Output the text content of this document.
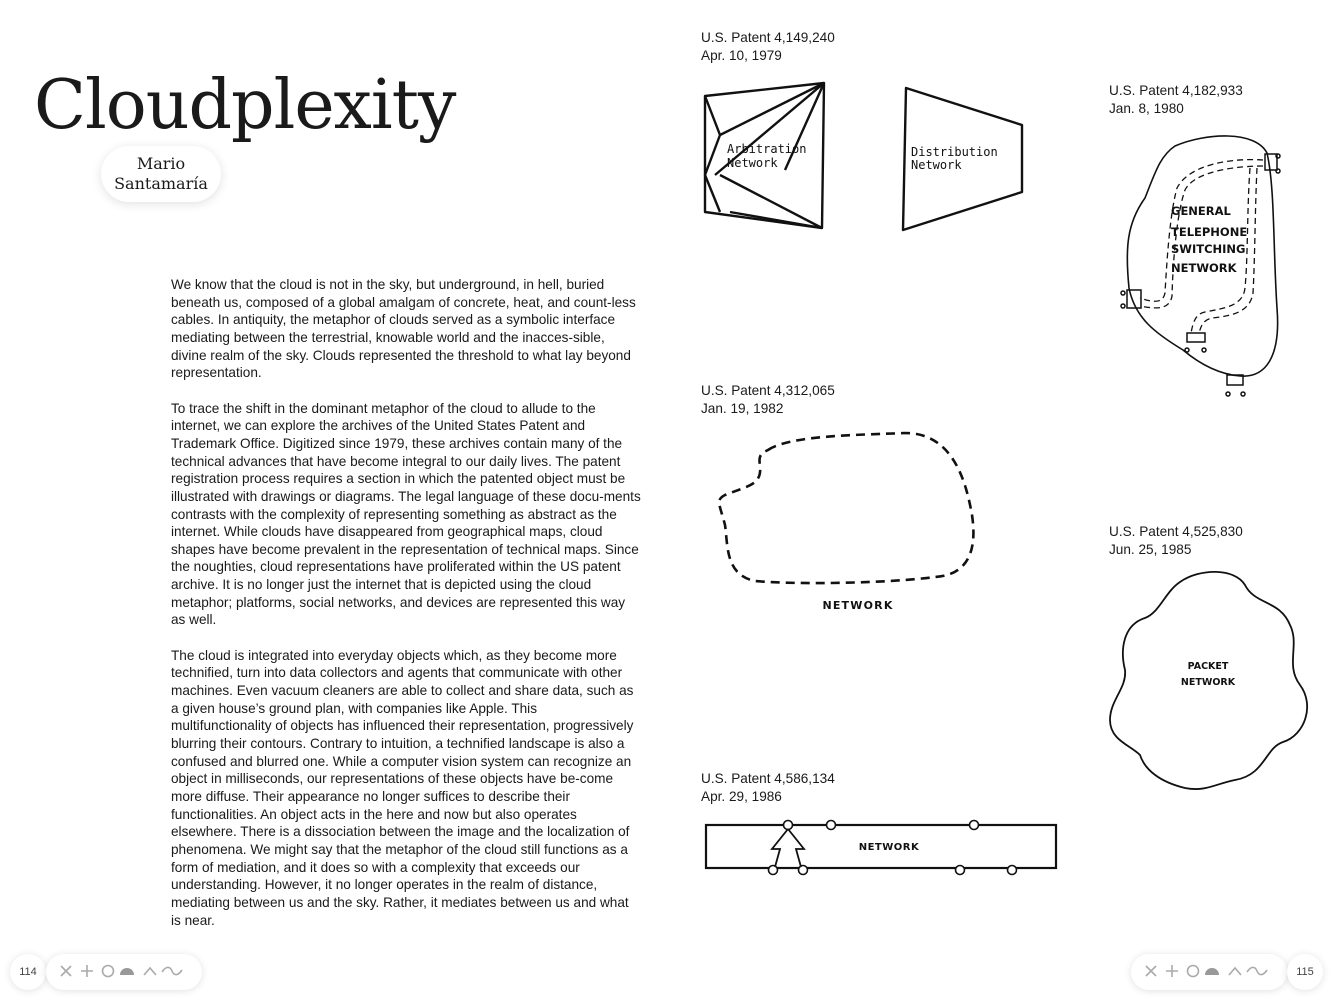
Cloudplexity
Mario
Santamaría

We know that the cloud is not in the sky, but underground, in hell, buried beneath us, composed of a global amalgam of concrete, heat, and count-less cables. In antiquity, the metaphor of clouds served as a symbolic interface mediating between the terrestrial, knowable world and the inacces-sible, divine realm of the sky. Clouds represented the threshold to what lay beyond representation.

To trace the shift in the dominant metaphor of the cloud to allude to the internet, we can explore the archives of the United States Patent and Trademark Office. Digitized since 1979, these archives contain many of the technical advances that have become integral to our daily lives. The patent registration process requires a section in which the patented object must be illustrated with drawings or diagrams. The legal language of these docu-ments contrasts with the complexity of representing something as abstract as the internet. While clouds have disappeared from geographical maps, cloud shapes have become prevalent in the representation of technical maps. Since the noughties, cloud representations have proliferated within the US patent archive. It is no longer just the internet that is depicted using the cloud metaphor; platforms, social networks, and devices are represented this way as well.

The cloud is integrated into everyday objects which, as they become more technified, turn into data collectors and agents that communicate with other machines. Even vacuum cleaners are able to collect and share data, such as a given house’s ground plan, with companies like Apple. This multifunctionality of objects has influenced their representation, progressively blurring their contours. Contrary to intuition, a technified landscape is also a confused and blurred one. While a computer vision system can recognize an object in milliseconds, our representations of these objects have be-come more diffuse. Their appearance no longer suffices to describe their functionalities. An object acts in the here and now but also operates elsewhere. There is a dissociation between the image and the localization of phenomena. We might say that the metaphor of the cloud still functions as a form of mediation, and it does so with a complexity that exceeds our understanding. However, it no longer operates in the realm of distance, mediating between us and the sky. Rather, it mediates between us and what is near.

U.S. Patent 4,149,240
Apr. 10, 1979
Arbitration
Network
Distribution
Network
U.S. Patent 4,182,933
Jan. 8, 1980
GENERAL
TELEPHONE
SWITCHING
NETWORK
U.S. Patent 4,312,065
Jan. 19, 1982
NETWORK
U.S. Patent 4,525,830
Jun. 25, 1985
PACKET
NETWORK
U.S. Patent 4,586,134
Apr. 29, 1986
NETWORK
114	115
